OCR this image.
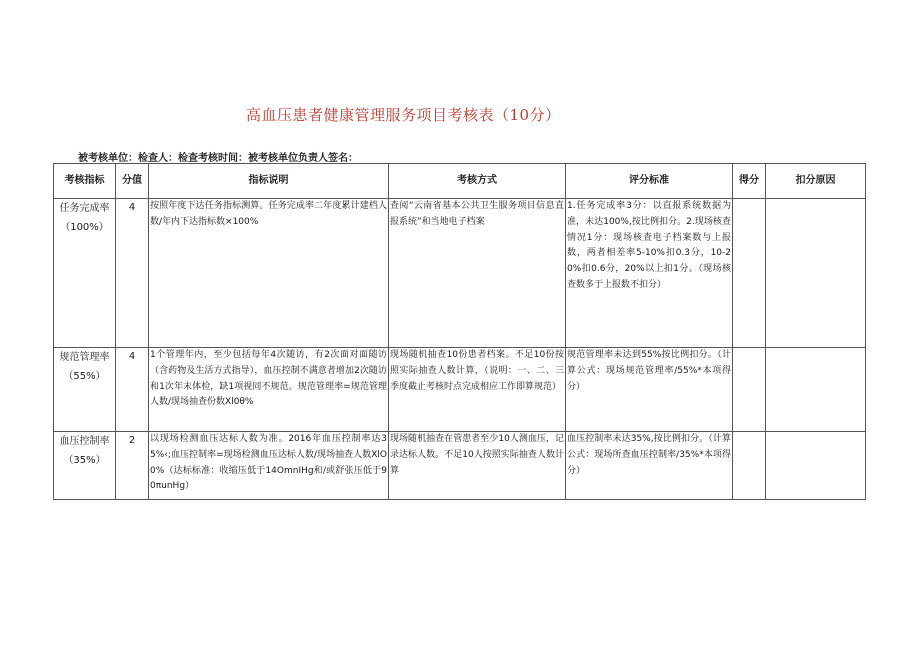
高血压患者健康管理服务项目考核表（10分）
被考核单位：检查人：检查考核时间：被考核单位负责人签名：
考核指标	分值	指标说明	考核方式	评分标准	得分	扣分原因

任务完成率
（100%）	4	按照年度下达任务指标测算。任务完成率二年度累计建档人数/年内下达指标数×100%	查阅“云南省基本公共卫生服务项目信息直报系统”和当地电子档案	1.任务完成率3分：以直报系统数据为准，未达100%,按比例扣分。2.现场核查情况1分：现场核查电子档案数与上报数，两者相差率5-10%扣0.3分，10-20%扣0.6分，20%以上扣1分。（现场核查数多于上报数不扣分）		

规范管理率
（55%）	4	1个管理年内，至少包括每年4次随访，有2次面对面随访（含药物及生活方式指导），血压控制不满意者增加2次随访和1次年末体检，缺1项视同不规范。规范管理率=规范管理人数/现场抽查份数Xl0θ%	现场随机抽查10份患者档案。不足10份按照实际抽查人数计算，（说明：一、二、三季度截止考核时点完成相应工作即算规范）	规范管理率未达到55%按比例扣分。（计算公式：现场规范管理率/55%*本项得分）		

血压控制率
（35%）	2	以现场检测血压达标人数为准。2016年血压控制率达35%‹;血压控制率=现场检测血压达标人数/现场抽查人数XlO0%（达标标准：收缩压低于14OmnIHg和/或舒张压低于90πunHg）	现场随机抽查在管患者至少10人测血压，记录达标人数。不足10人按照实际抽查人数计算	血压控制率未达35%,按比例扣分。（计算公式：现场所查血压控制率/35%*本项得分）		
